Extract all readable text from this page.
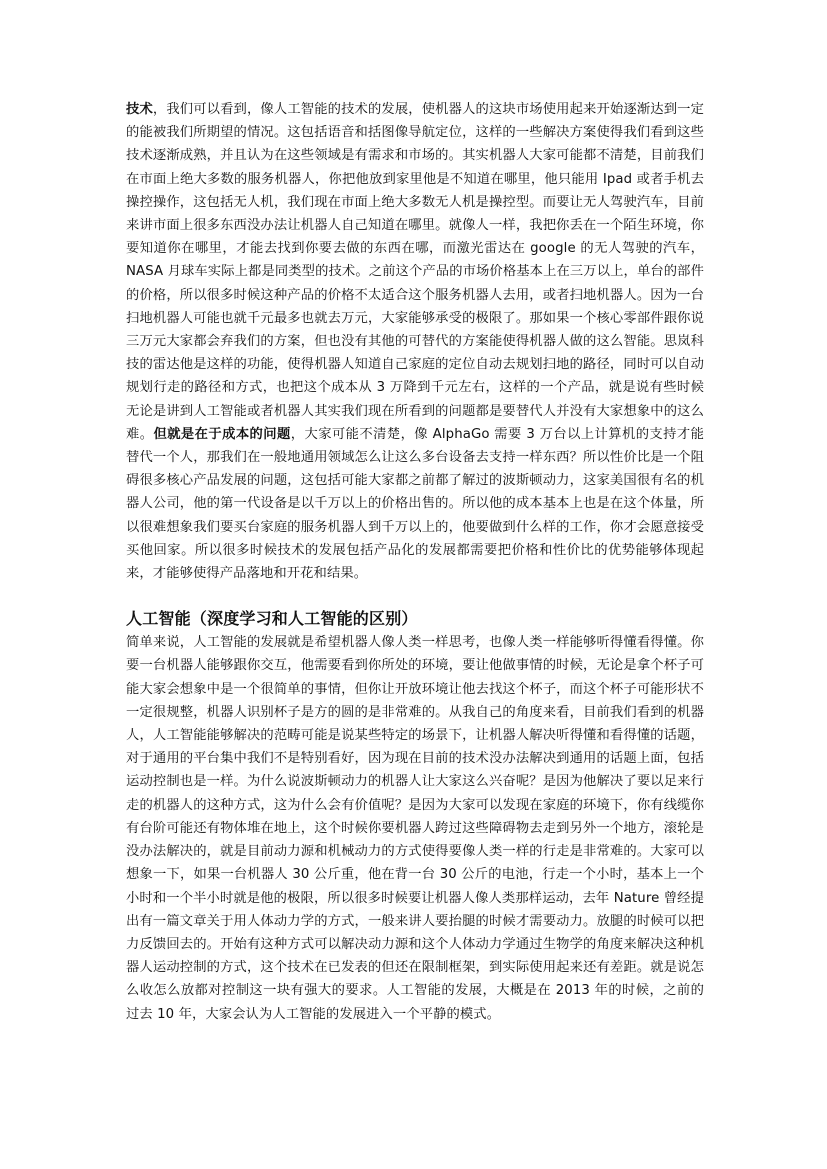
技术，我们可以看到，像人工智能的技术的发展，使机器人的这块市场使用起来开始逐渐达到一定的能被我们所期望的情况。这包括语音和括图像导航定位，这样的一些解决方案使得我们看到这些技术逐渐成熟，并且认为在这些领域是有需求和市场的。其实机器人大家可能都不清楚，目前我们在市面上绝大多数的服务机器人，你把他放到家里他是不知道在哪里，他只能用 Ipad 或者手机去操控操作，这包括无人机，我们现在市面上绝大多数无人机是操控型。而要让无人驾驶汽车，目前来讲市面上很多东西没办法让机器人自己知道在哪里。就像人一样，我把你丢在一个陌生环境，你要知道你在哪里，才能去找到你要去做的东西在哪，而激光雷达在 google 的无人驾驶的汽车，NASA 月球车实际上都是同类型的技术。之前这个产品的市场价格基本上在三万以上，单台的部件的价格，所以很多时候这种产品的价格不太适合这个服务机器人去用，或者扫地机器人。因为一台扫地机器人可能也就千元最多也就去万元，大家能够承受的极限了。那如果一个核心零部件跟你说三万元大家都会弃我们的方案，但也没有其他的可替代的方案能使得机器人做的这么智能。思岚科技的雷达他是这样的功能，使得机器人知道自己家庭的定位自动去规划扫地的路径，同时可以自动规划行走的路径和方式，也把这个成本从 3 万降到千元左右，这样的一个产品，就是说有些时候无论是讲到人工智能或者机器人其实我们现在所看到的问题都是要替代人并没有大家想象中的这么难。但就是在于成本的问题，大家可能不清楚，像 AlphaGo 需要 3 万台以上计算机的支持才能替代一个人，那我们在一般地通用领域怎么让这么多台设备去支持一样东西？所以性价比是一个阻碍很多核心产品发展的问题，这包括可能大家都之前都了解过的波斯顿动力，这家美国很有名的机器人公司，他的第一代设备是以千万以上的价格出售的。所以他的成本基本上也是在这个体量，所以很难想象我们要买台家庭的服务机器人到千万以上的，他要做到什么样的工作，你才会愿意接受买他回家。所以很多时候技术的发展包括产品化的发展都需要把价格和性价比的优势能够体现起来，才能够使得产品落地和开花和结果。

人工智能（深度学习和人工智能的区别）

简单来说，人工智能的发展就是希望机器人像人类一样思考，也像人类一样能够听得懂看得懂。你要一台机器人能够跟你交互，他需要看到你所处的环境，要让他做事情的时候，无论是拿个杯子可能大家会想象中是一个很简单的事情，但你让开放环境让他去找这个杯子，而这个杯子可能形状不一定很规整，机器人识别杯子是方的圆的是非常难的。从我自己的角度来看，目前我们看到的机器人，人工智能能够解决的范畴可能是说某些特定的场景下，让机器人解决听得懂和看得懂的话题，对于通用的平台集中我们不是特别看好，因为现在目前的技术没办法解决到通用的话题上面，包括运动控制也是一样。为什么说波斯顿动力的机器人让大家这么兴奋呢？是因为他解决了要以足来行走的机器人的这种方式，这为什么会有价值呢？是因为大家可以发现在家庭的环境下，你有线缆你有台阶可能还有物体堆在地上，这个时候你要机器人跨过这些障碍物去走到另外一个地方，滚轮是没办法解决的，就是目前动力源和机械动力的方式使得要像人类一样的行走是非常难的。大家可以想象一下，如果一台机器人 30 公斤重，他在背一台 30 公斤的电池，行走一个小时，基本上一个小时和一个半小时就是他的极限，所以很多时候要让机器人像人类那样运动，去年 Nature 曾经提出有一篇文章关于用人体动力学的方式，一般来讲人要抬腿的时候才需要动力。放腿的时候可以把力反馈回去的。开始有这种方式可以解决动力源和这个人体动力学通过生物学的角度来解决这种机器人运动控制的方式，这个技术在已发表的但还在限制框架，到实际使用起来还有差距。就是说怎么收怎么放都对控制这一块有强大的要求。人工智能的发展，大概是在 2013 年的时候，之前的过去 10 年，大家会认为人工智能的发展进入一个平静的模式。
